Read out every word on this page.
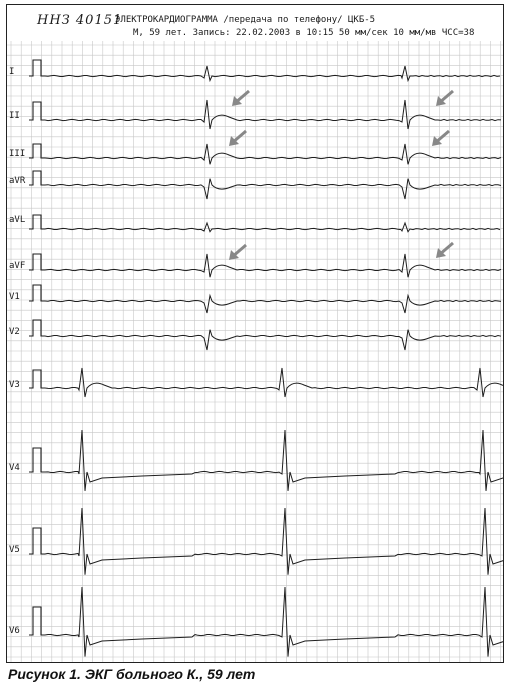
ННЗ 40151
ЭЛЕКТРОКАРДИОГРАММА /передача по телефону/ ЦКБ-5
М, 59 лет. Запись: 22.02.2003 в 10:15 50 мм/сек 10 мм/мв ЧСС=38
I
II
III
aVR
aVL
aVF
V1
V2
V3
V4
V5
V6
Рисунок 1. ЭКГ больного К., 59 лет
